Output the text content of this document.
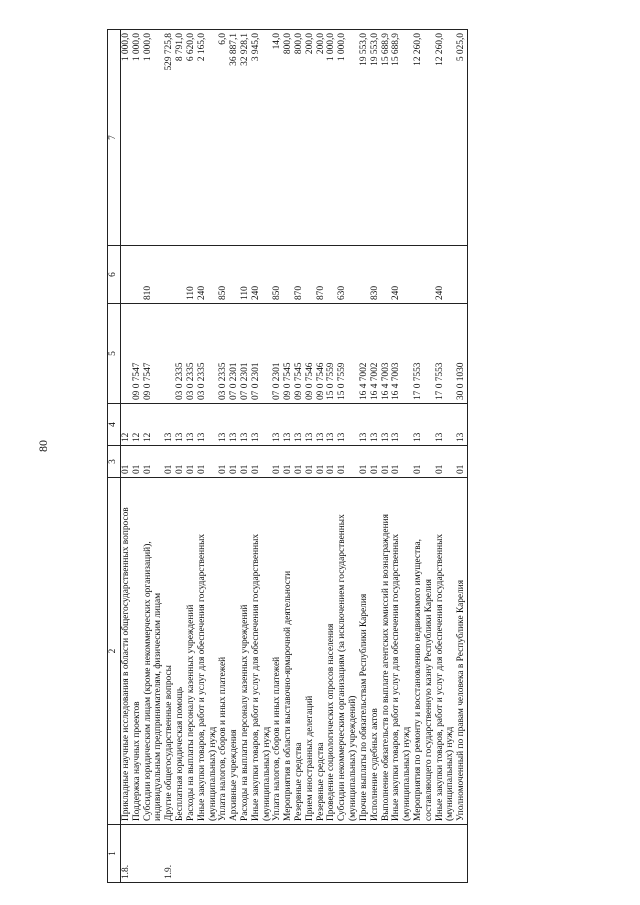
80
1	2	3	4	5	6	7
1.8.	Прикладные научные исследования в области общегосударственных вопросов	01	12			1 000,0
	Поддержка научных проектов	01	12	09 0 7547		1 000,0
	Субсидии юридическим лицам (кроме некоммерческих организаций), индивидуальным предпринимателям, физическим лицам	01	12	09 0 7547	810	1 000,0
1.9.	Другие общегосударственные вопросы	01	13			529 725,8
	Бесплатная юридическая помощь	01	13	03 0 2335		8 791,0
	Расходы на выплаты персоналу казенных учреждений	01	13	03 0 2335	110	6 620,0
	Иные закупки товаров, работ и услуг для обеспечения государственных (муниципальных) нужд	01	13	03 0 2335	240	2 165,0
	Уплата налогов, сборов и иных платежей	01	13	03 0 2335	850	6,0
	Архивные учреждения	01	13	07 0 2301		36 887,1
	Расходы на выплаты персоналу казенных учреждений	01	13	07 0 2301	110	32 928,1
	Иные закупки товаров, работ и услуг для обеспечения государственных (муниципальных) нужд	01	13	07 0 2301	240	3 945,0
	Уплата налогов, сборов и иных платежей	01	13	07 0 2301	850	14,0
	Мероприятия в области выставочно-ярмарочной деятельности	01	13	09 0 7545		800,0
	Резервные средства	01	13	09 0 7545	870	800,0
	Прием иностранных делегаций	01	13	09 0 7546		200,0
	Резервные средства	01	13	09 0 7546	870	200,0
	Проведение социологических опросов населения	01	13	15 0 7559		1 000,0
	Субсидии некоммерческим организациям (за исключением государственных (муниципальных) учреждений)	01	13	15 0 7559	630	1 000,0
	Прочие выплаты по обязательствам Республики Карелия	01	13	16 4 7002		19 553,0
	Исполнение судебных актов	01	13	16 4 7002	830	19 553,0
	Выполнение обязательств по выплате агентских комиссий и вознаграждения	01	13	16 4 7003		15 688,9
	Иные закупки товаров, работ и услуг для обеспечения государственных (муниципальных) нужд	01	13	16 4 7003	240	15 688,9
	Мероприятия по ремонту и восстановлению недвижимого имущества, составляющего государственную казну Республики Карелия	01	13	17 0 7553		12 260,0
	Иные закупки товаров, работ и услуг для обеспечения государственных (муниципальных) нужд	01	13	17 0 7553	240	12 260,0
	Уполномоченный по правам человека в Республике Карелия	01	13	30 0 1030		5 025,0
